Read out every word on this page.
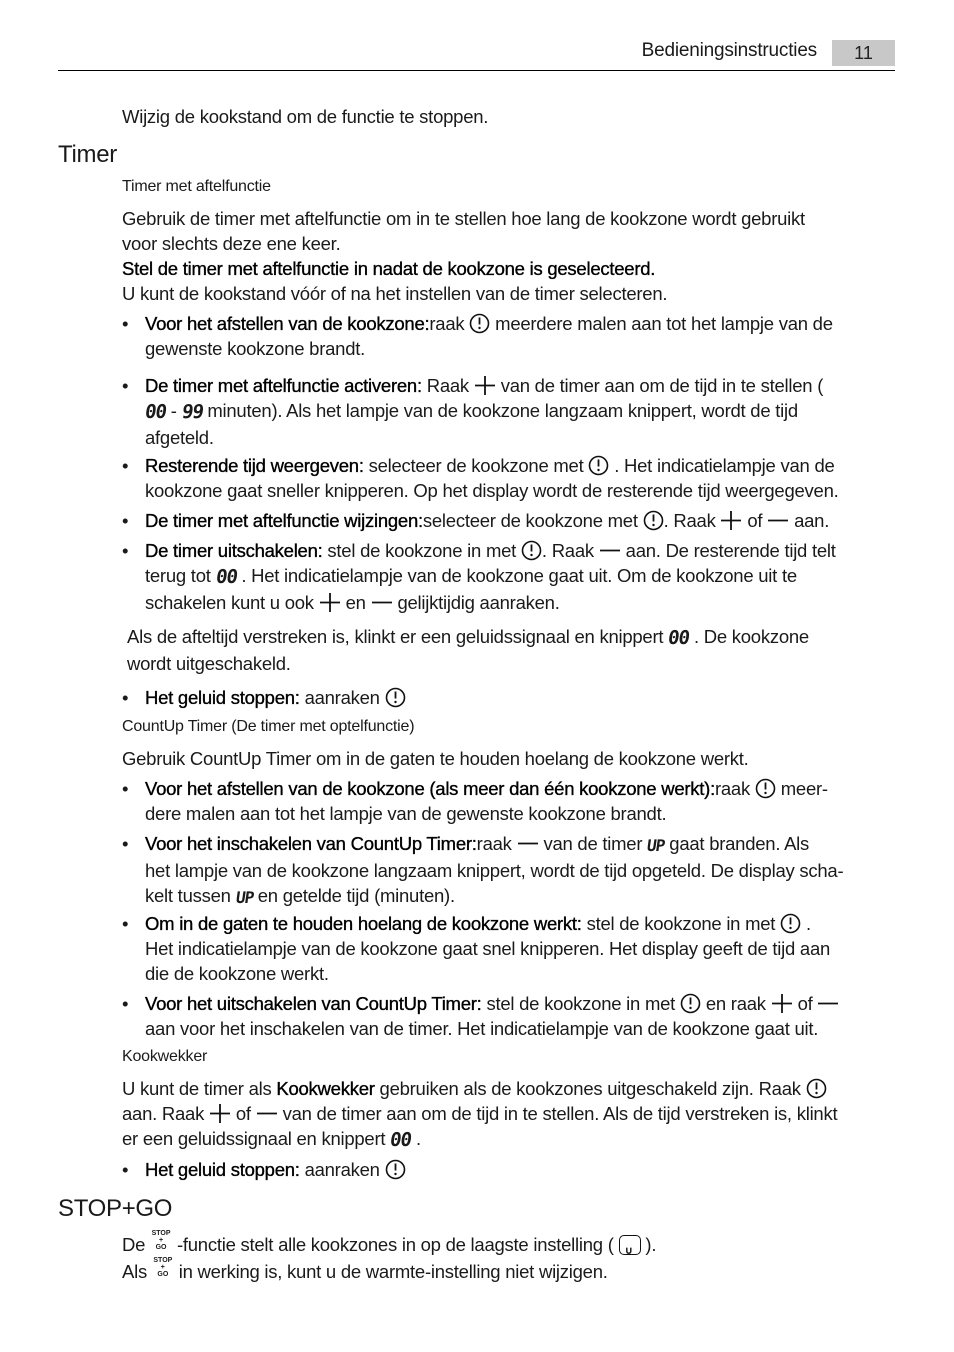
Bedieningsinstructies	11
Wijzig de kookstand om de functie te stoppen.
Timer
Timer met aftelfunctie
Gebruik de timer met aftelfunctie om in te stellen hoe lang de kookzone wordt gebruikt
voor slechts deze ene keer.
Stel de timer met aftelfunctie in nadat de kookzone is geselecteerd.
U kunt de kookstand vóór of na het instellen van de timer selecteren.
• Voor het afstellen van de kookzone:raak meerdere malen aan tot het lampje van de
gewenste kookzone brandt.
• De timer met aftelfunctie activeren: Raak van de timer aan om de tijd in te stellen (
00 - 99 minuten). Als het lampje van de kookzone langzaam knippert, wordt de tijd
afgeteld.
• Resterende tijd weergeven: selecteer de kookzone met . Het indicatielampje van de
kookzone gaat sneller knipperen. Op het display wordt de resterende tijd weergegeven.
• De timer met aftelfunctie wijzingen:selecteer de kookzone met . Raak of aan.
• De timer uitschakelen: stel de kookzone in met . Raak aan. De resterende tijd telt
terug tot 00 . Het indicatielampje van de kookzone gaat uit. Om de kookzone uit te
schakelen kunt u ook en gelijktijdig aanraken.
Als de afteltijd verstreken is, klinkt er een geluidssignaal en knippert 00 . De kookzone
wordt uitgeschakeld.
• Het geluid stoppen: aanraken
CountUp Timer (De timer met optelfunctie)
Gebruik CountUp Timer om in de gaten te houden hoelang de kookzone werkt.
• Voor het afstellen van de kookzone (als meer dan één kookzone werkt):raak meer-
dere malen aan tot het lampje van de gewenste kookzone brandt.
• Voor het inschakelen van CountUp Timer:raak van de timer UP gaat branden. Als
het lampje van de kookzone langzaam knippert, wordt de tijd opgeteld. De display scha-
kelt tussen UP en getelde tijd (minuten).
• Om in de gaten te houden hoelang de kookzone werkt: stel de kookzone in met .
Het indicatielampje van de kookzone gaat snel knipperen. Het display geeft de tijd aan
die de kookzone werkt.
• Voor het uitschakelen van CountUp Timer: stel de kookzone in met en raak of
aan voor het inschakelen van de timer. Het indicatielampje van de kookzone gaat uit.
Kookwekker
U kunt de timer als Kookwekker gebruiken als de kookzones uitgeschakeld zijn. Raak
aan. Raak of van de timer aan om de tijd in te stellen. Als de tijd verstreken is, klinkt
er een geluidssignaal en knippert 00 .
• Het geluid stoppen: aanraken
STOP+GO
De STOP
+
GO -functie stelt alle kookzones in op de laagste instelling ( ∪ ).
Als STOP
+
GO in werking is, kunt u de warmte-instelling niet wijzigen.
